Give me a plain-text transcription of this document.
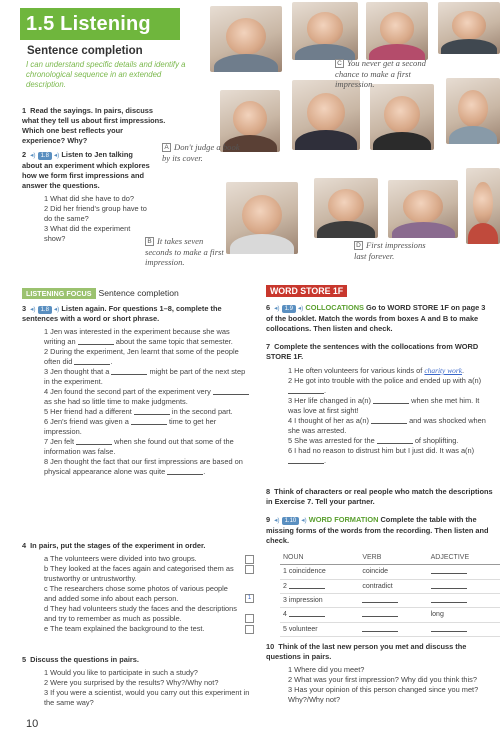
1.5 Listening
Sentence completion
I can understand specific details and identify a chronological sequence in an extended description.
A Don't judge a book by its cover.
B It takes seven seconds to make a first impression.
C You never get a second chance to make a first impression.
D First impressions last forever.
1 Read the sayings. In pairs, discuss what they tell us about first impressions. Which one best reflects your experience? Why?
2 ◂) 1.8 ◂) Listen to Jen talking about an experiment which explores how we form first impressions and answer the questions.
1 What did she have to do?
2 Did her friend's group have to do the same?
3 What did the experiment show?
LISTENING FOCUS Sentence completion
3 ◂) 1.8 ◂) Listen again. For questions 1–8, complete the sentences with a word or short phrase.
1 Jen was interested in the experiment because she was writing an	about the same topic that semester.
2 During the experiment, Jen learnt that some of the people often did	.
3 Jen thought that a	might be part of the next step in the experiment.
4 Jen found the second part of the experiment very  as she had so little time to make judgments.
5 Her friend had a different	in the second part.
6 Jen's friend was given a	time to get her impression.
7 Jen felt	when she found out that some of the information was false.
8 Jen thought the fact that our first impressions are based on physical appearance alone was quite	.
4 In pairs, put the stages of the experiment in order.
a The volunteers were divided into two groups.
b They looked at the faces again and categorised them as trustworthy or untrustworthy.
c The researchers chose some photos of various people and added some info about each person.	1
d They had volunteers study the faces and the descriptions and try to remember as much as possible.
e The team explained the background to the test.
5 Discuss the questions in pairs.
1 Would you like to participate in such a study?
2 Were you surprised by the results? Why?/Why not?
3 If you were a scientist, would you carry out this experiment in the same way?
WORD STORE 1F
6 ◂) 1.9 ◂) COLLOCATIONS Go to WORD STORE 1F on page 3 of the booklet. Match the words from boxes A and B to make collocations. Then listen and check.
7 Complete the sentences with the collocations from WORD STORE 1F.
1 He often volunteers for various kinds of charity work.
2 He got into trouble with the police and ended up with a(n) .
3 Her life changed in a(n)	when she met him. It was love at first sight!
4 I thought of her as a(n)	and was shocked when she was arrested.
5 She was arrested for the	of shoplifting.
6 I had no reason to distrust him but I just did. It was a(n) .
8 Think of characters or real people who match the descriptions in Exercise 7. Tell your partner.
9 ◂) 1.10 ◂) WORD FORMATION Complete the table with the missing forms of the words from the recording. Then listen and check.
NOUN	VERB	ADJECTIVE
1 coincidence	coincide	
2	contradict	
3 impression		
4		long
5 volunteer		
10 Think of the last new person you met and discuss the questions in pairs.
1 Where did you meet?
2 What was your first impression? Why did you think this?
3 Has your opinion of this person changed since you met? Why?/Why not?
10
